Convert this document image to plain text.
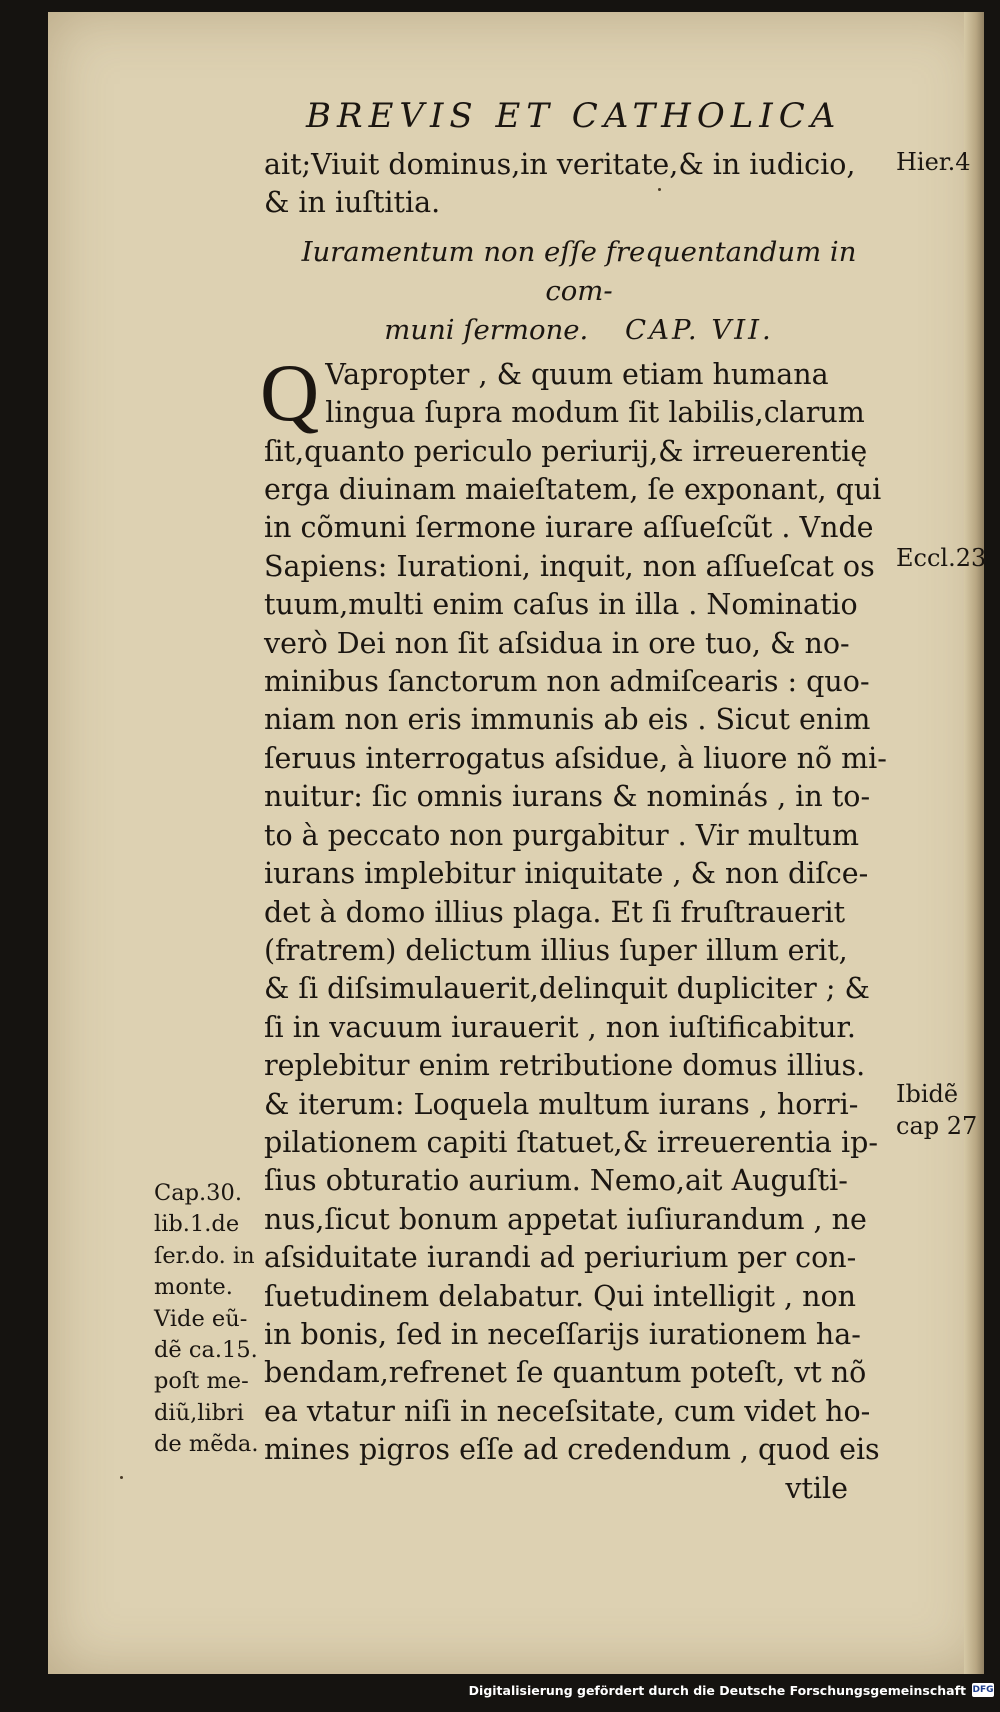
BREVIS ET CATHOLICA

ait;Viuit dominus,in veritate,& in iudicio,

& in iuſtitia.

Iuramentum non eſſe frequentandum in com-
muni ſermone. CAP. VII.

Q Vapropter , & quum etiam humana
lingua ſupra modum ſit labilis,clarum
ſit,quanto periculo periurij,& irreuerentię
erga diuinam maieſtatem, ſe exponant, qui
in cõmuni ſermone iurare aſſueſcũt . Vnde
Sapiens: Iurationi, inquit, non aſſueſcat os
tuum,multi enim caſus in illa . Nominatio
verò Dei non ſit aſsidua in ore tuo, & no-
minibus ſanctorum non admiſcearis : quo-
niam non eris immunis ab eis . Sicut enim
ſeruus interrogatus aſsidue, à liuore nõ mi-
nuitur: ſic omnis iurans & nominás , in to-
to à peccato non purgabitur . Vir multum
iurans implebitur iniquitate , & non diſce-
det à domo illius plaga. Et ſi fruſtrauerit
(fratrem) delictum illius ſuper illum erit,
& ſi diſsimulauerit,delinquit dupliciter ; &
ſi in vacuum iurauerit , non iuſtificabitur.
replebitur enim retributione domus illius.
& iterum: Loquela multum iurans , horri-
pilationem capiti ſtatuet,& irreuerentia ip-
ſius obturatio aurium. Nemo,ait Auguſti-
nus,ſicut bonum appetat iuſiurandum , ne
aſsiduitate iurandi ad periurium per con-
ſuetudinem delabatur. Qui intelligit , non
in bonis, ſed in neceſſarijs iurationem ha-
bendam,refrenet ſe quantum poteſt, vt nõ
ea vtatur niſi in neceſsitate, cum videt ho-
mines pigros eſſe ad credendum , quod eis

vtile

Hier.4
Eccl.23
Ibidẽ
cap 27
Cap.30.
lib.1.de
ſer.do. in
monte.
Vide eũ-
dẽ ca.15.
poſt me-
diũ,libri
de mẽda.
Digitalisierung gefördert durch die Deutsche Forschungsgemeinschaft DFG
